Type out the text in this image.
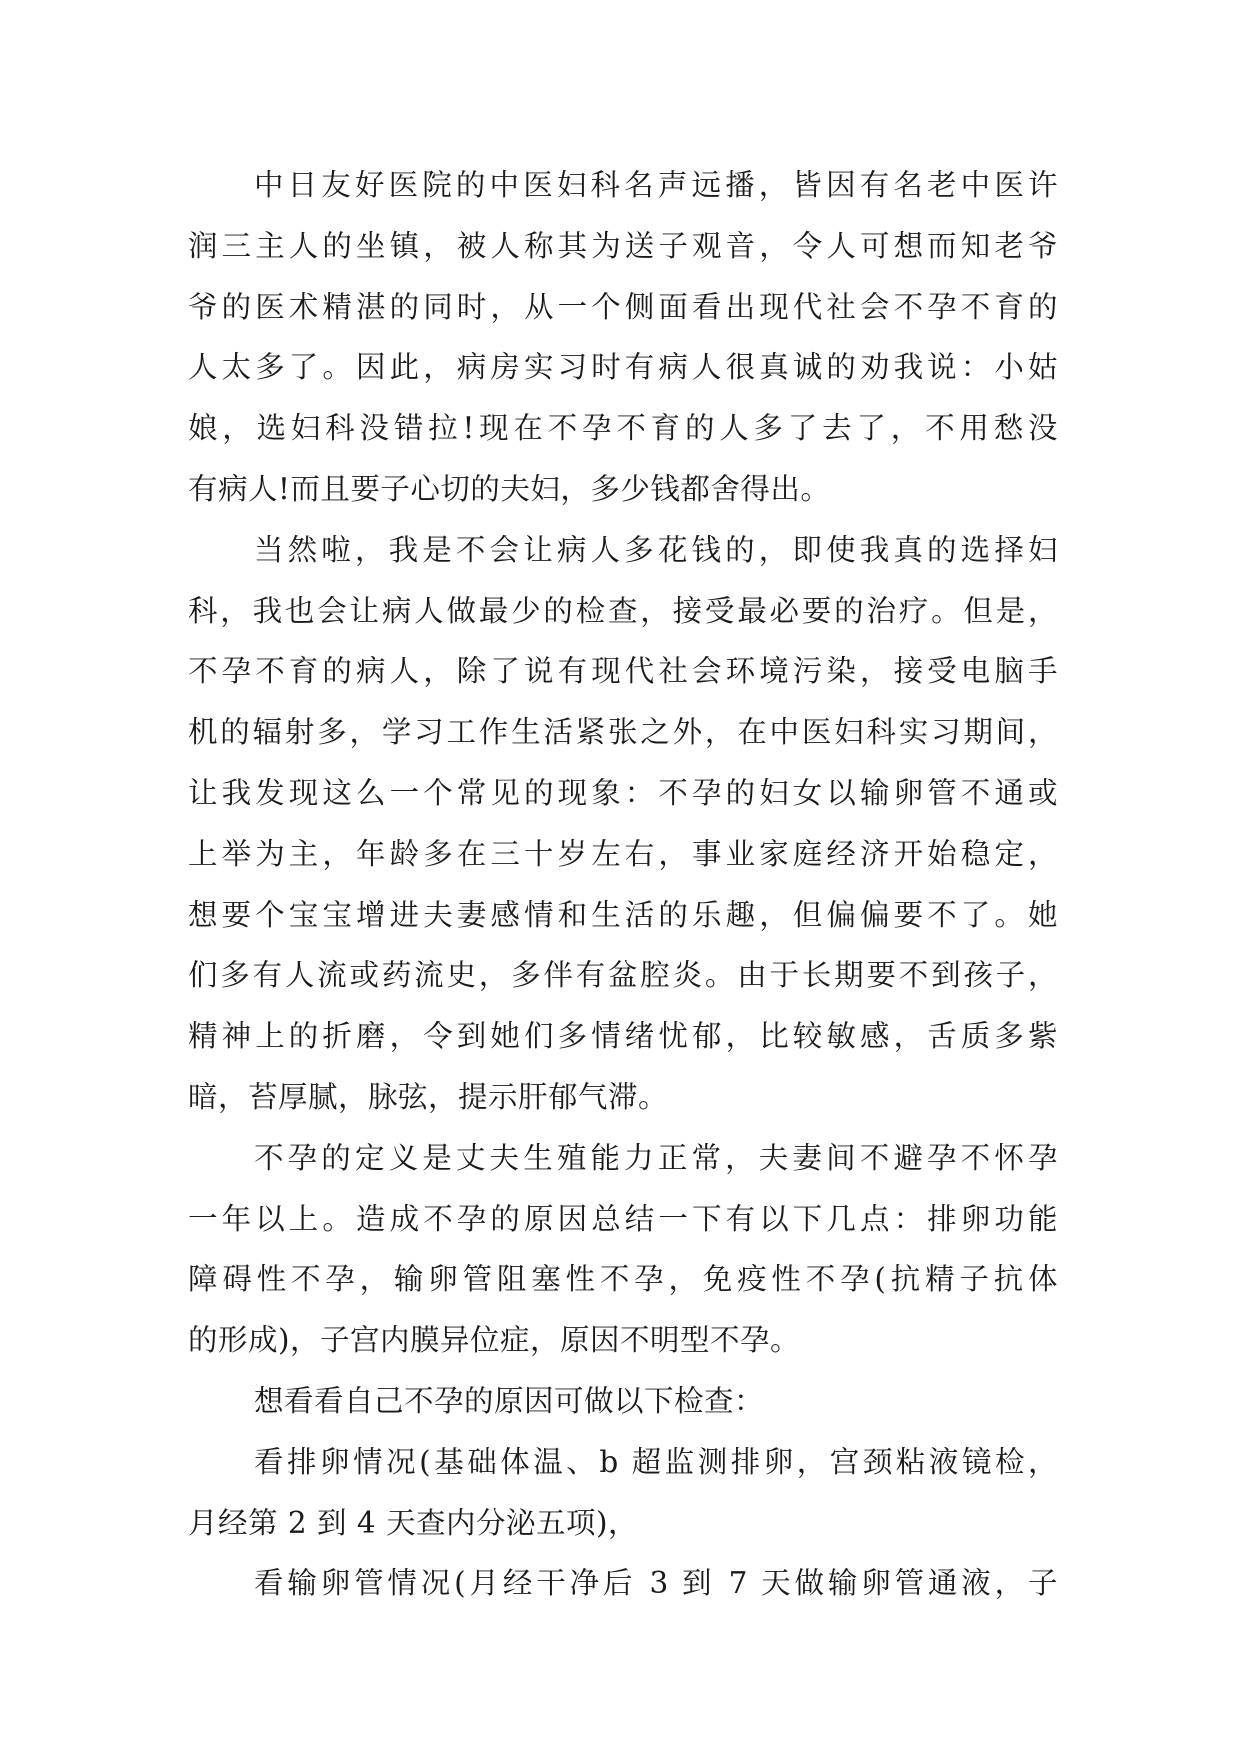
中日友好医院的中医妇科名声远播，皆因有名老中医许
润三主人的坐镇，被人称其为送子观音，令人可想而知老爷
爷的医术精湛的同时，从一个侧面看出现代社会不孕不育的
人太多了。因此，病房实习时有病人很真诚的劝我说：小姑
娘，选妇科没错拉!现在不孕不育的人多了去了，不用愁没
有病人!而且要子心切的夫妇，多少钱都舍得出。
当然啦，我是不会让病人多花钱的，即使我真的选择妇
科，我也会让病人做最少的检查，接受最必要的治疗。但是，
不孕不育的病人，除了说有现代社会环境污染，接受电脑手
机的辐射多，学习工作生活紧张之外，在中医妇科实习期间，
让我发现这么一个常见的现象：不孕的妇女以输卵管不通或
上举为主，年龄多在三十岁左右，事业家庭经济开始稳定，
想要个宝宝增进夫妻感情和生活的乐趣，但偏偏要不了。她
们多有人流或药流史，多伴有盆腔炎。由于长期要不到孩子，
精神上的折磨，令到她们多情绪忧郁，比较敏感，舌质多紫
暗，苔厚腻，脉弦，提示肝郁气滞。
不孕的定义是丈夫生殖能力正常，夫妻间不避孕不怀孕
一年以上。造成不孕的原因总结一下有以下几点：排卵功能
障碍性不孕，输卵管阻塞性不孕，免疫性不孕(抗精子抗体
的形成)，子宫内膜异位症，原因不明型不孕。
想看看自己不孕的原因可做以下检查：
看排卵情况(基础体温、b 超监测排卵，宫颈粘液镜检，
月经第 2 到 4 天查内分泌五项)，
看输卵管情况(月经干净后 3 到 7 天做输卵管通液，子
